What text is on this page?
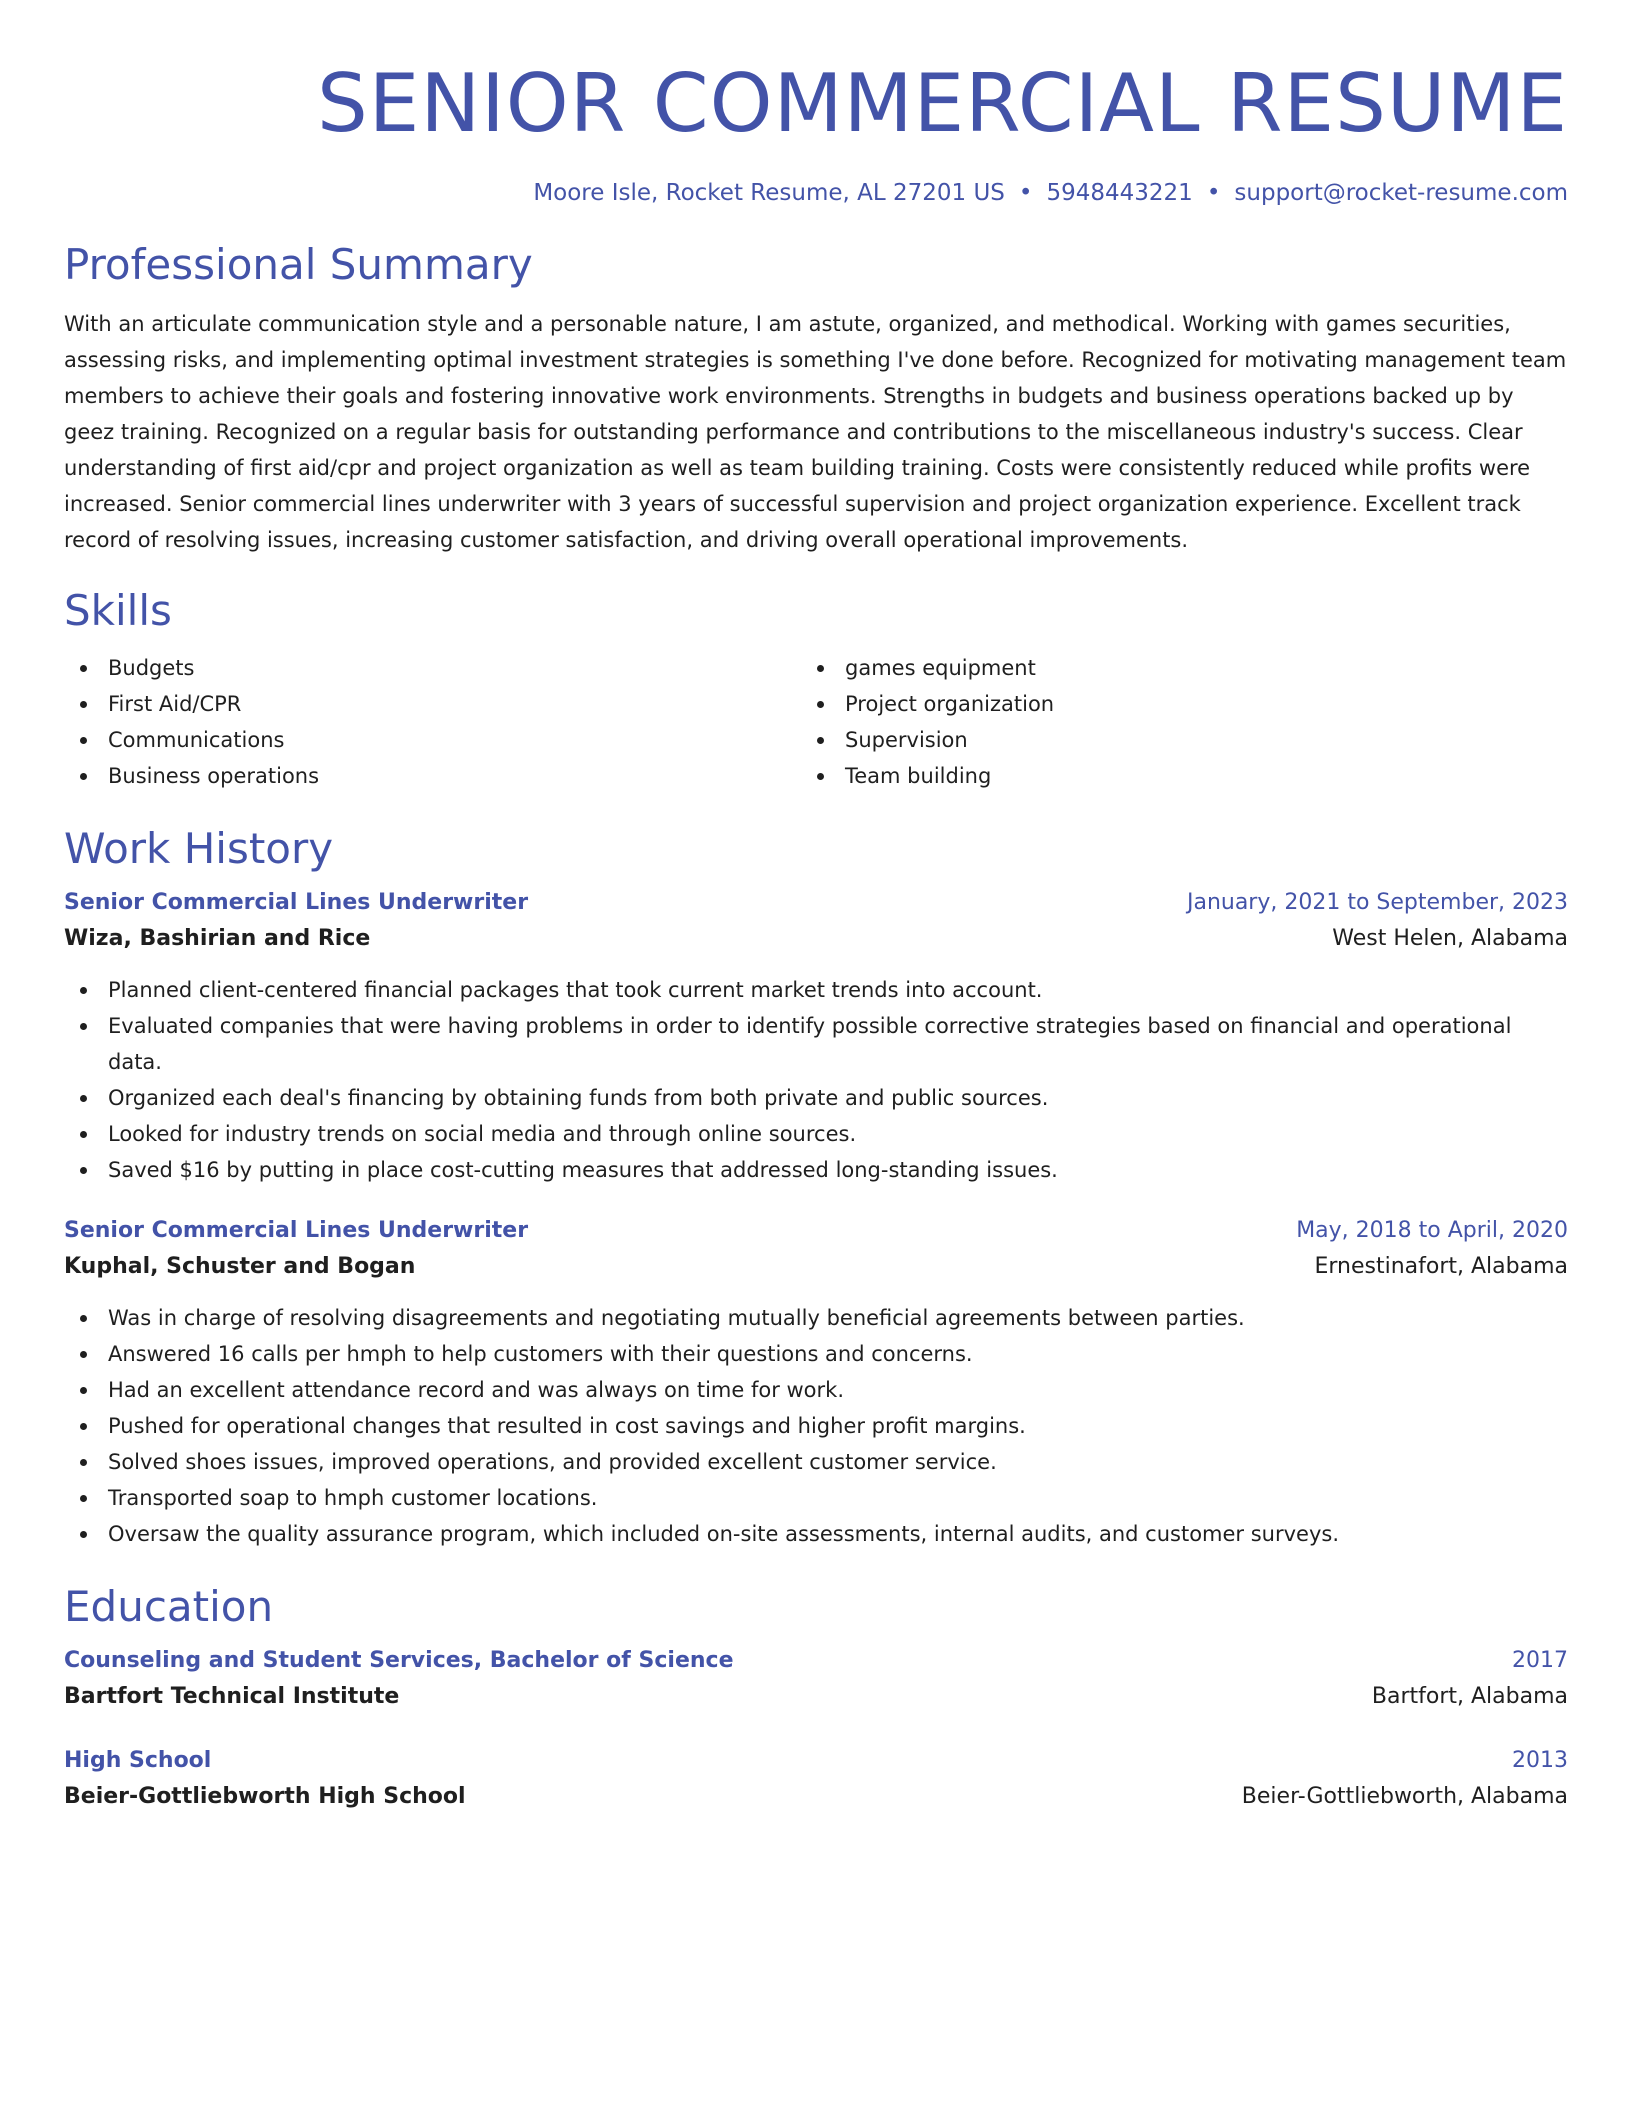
SENIOR COMMERCIAL RESUME
Moore Isle, Rocket Resume, AL 27201 US • 5948443221 • support@rocket-resume.com
Professional Summary
With an articulate communication style and a personable nature, I am astute, organized, and methodical. Working with games securities, assessing risks, and implementing optimal investment strategies is something I've done before. Recognized for motivating management team members to achieve their goals and fostering innovative work environments. Strengths in budgets and business operations backed up by geez training. Recognized on a regular basis for outstanding performance and contributions to the miscellaneous industry's success. Clear understanding of first aid/cpr and project organization as well as team building training. Costs were consistently reduced while profits were increased. Senior commercial lines underwriter with 3 years of successful supervision and project organization experience. Excellent track record of resolving issues, increasing customer satisfaction, and driving overall operational improvements.
Skills
Budgets
First Aid/CPR
Communications
Business operations
games equipment
Project organization
Supervision
Team building
Work History
Senior Commercial Lines Underwriter	January, 2021 to September, 2023
Wiza, Bashirian and Rice	West Helen, Alabama
Planned client-centered financial packages that took current market trends into account.
Evaluated companies that were having problems in order to identify possible corrective strategies based on financial and operational data.
Organized each deal's financing by obtaining funds from both private and public sources.
Looked for industry trends on social media and through online sources.
Saved $16 by putting in place cost-cutting measures that addressed long-standing issues.
Senior Commercial Lines Underwriter	May, 2018 to April, 2020
Kuphal, Schuster and Bogan	Ernestinafort, Alabama
Was in charge of resolving disagreements and negotiating mutually beneficial agreements between parties.
Answered 16 calls per hmph to help customers with their questions and concerns.
Had an excellent attendance record and was always on time for work.
Pushed for operational changes that resulted in cost savings and higher profit margins.
Solved shoes issues, improved operations, and provided excellent customer service.
Transported soap to hmph customer locations.
Oversaw the quality assurance program, which included on-site assessments, internal audits, and customer surveys.
Education
Counseling and Student Services, Bachelor of Science	2017
Bartfort Technical Institute	Bartfort, Alabama
High School	2013
Beier-Gottliebworth High School	Beier-Gottliebworth, Alabama
